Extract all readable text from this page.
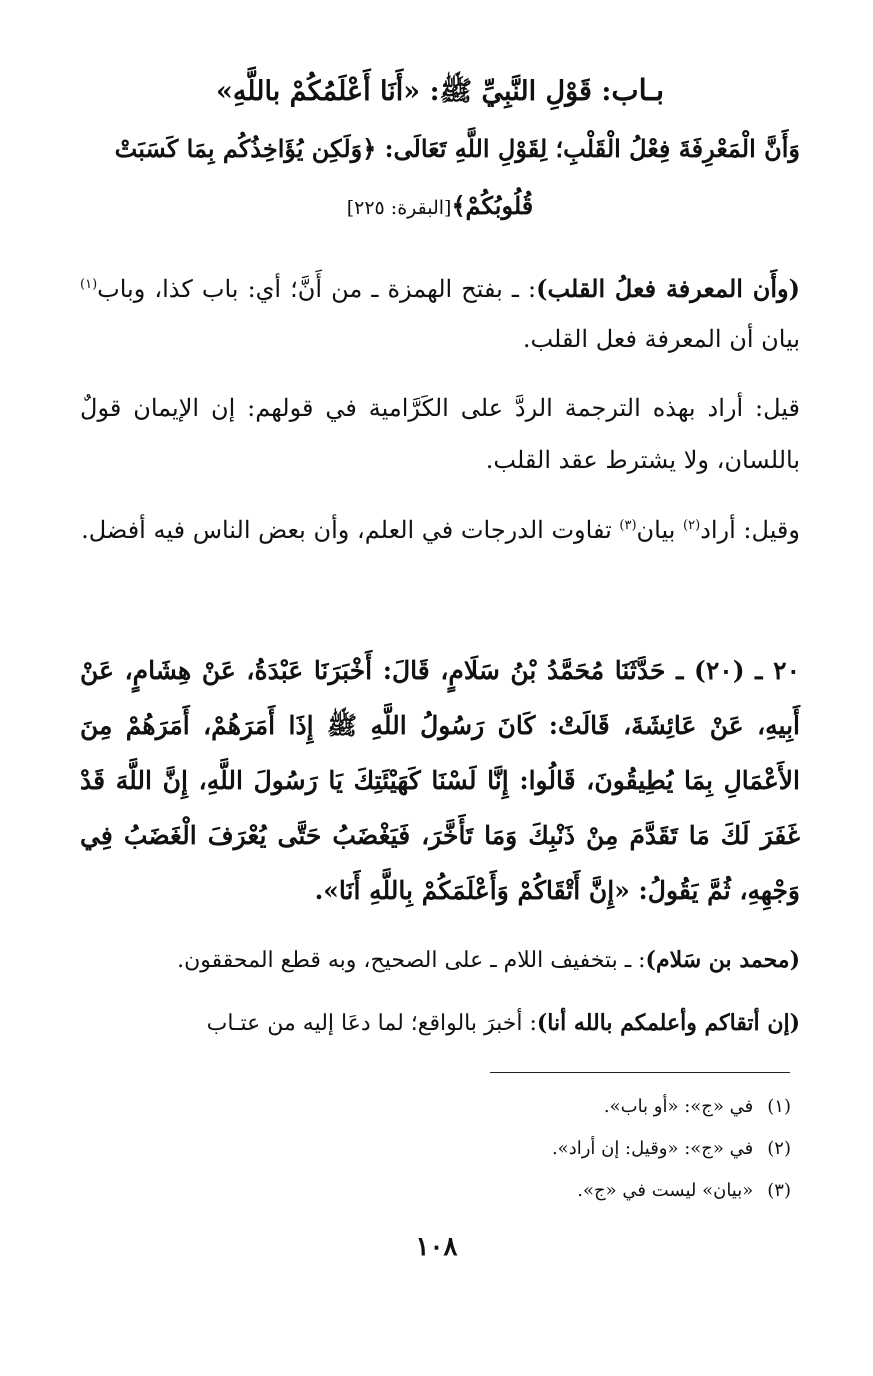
بـاب: قَوْلِ النَّبِيِّ ﷺ: «أَنَا أَعْلَمُكُمْ باللَّهِ»
وَأَنَّ الْمَعْرِفَةَ فِعْلُ الْقَلْبِ؛ لِقَوْلِ اللَّهِ تَعَالَى: ﴿وَلَكِن يُؤَاخِذُكُم بِمَا كَسَبَتْ
قُلُوبُكُمْ﴾[البقرة: ٢٢٥]
(وأَن المعرفة فعلُ القلب): ـ بفتح الهمزة ـ من أَنَّ؛ أي: باب كذا، وباب$^{(١)}$ بيان أن المعرفة فعل القلب.
قيل: أراد بهذه الترجمة الردَّ على الكَرَّامية في قولهم: إن الإيمان قولٌ باللسان، ولا يشترط عقد القلب.
وقيل: أراد$^{(٢)}$ بيان$^{(٣)}$ تفاوت الدرجات في العلم، وأن بعض الناس فيه أفضل.
٢٠ ـ (٢٠) ـ حَدَّثَنَا مُحَمَّدُ بْنُ سَلَامٍ، قَالَ: أَخْبَرَنَا عَبْدَةُ، عَنْ هِشَامٍ، عَنْ أَبِيهِ، عَنْ عَائِشَةَ، قَالَتْ: كَانَ رَسُولُ اللَّهِ ﷺ إِذَا أَمَرَهُمْ، أَمَرَهُمْ مِنَ الأَعْمَالِ بِمَا يُطِيقُونَ، قَالُوا: إِنَّا لَسْنَا كَهَيْئَتِكَ يَا رَسُولَ اللَّهِ، إِنَّ اللَّهَ قَدْ غَفَرَ لَكَ مَا تَقَدَّمَ مِنْ ذَنْبِكَ وَمَا تَأَخَّرَ، فَيَغْضَبُ حَتَّى يُعْرَفَ الْغَضَبُ فِي وَجْهِهِ، ثُمَّ يَقُولُ: «إِنَّ أَتْقَاكُمْ وَأَعْلَمَكُمْ بِاللَّهِ أَنَا».
(محمد بن سَلام): ـ بتخفيف اللام ـ على الصحيح، وبه قطع المحققون.
(إن أتقاكم وأعلمكم بالله أنا): أخبرَ بالواقع؛ لما دعَا إليه من عتـاب
(١)في «ج»: «أو باب».
(٢)في «ج»: «وقيل: إن أراد».
(٣)«بيان» ليست في «ج».
١٠٨
